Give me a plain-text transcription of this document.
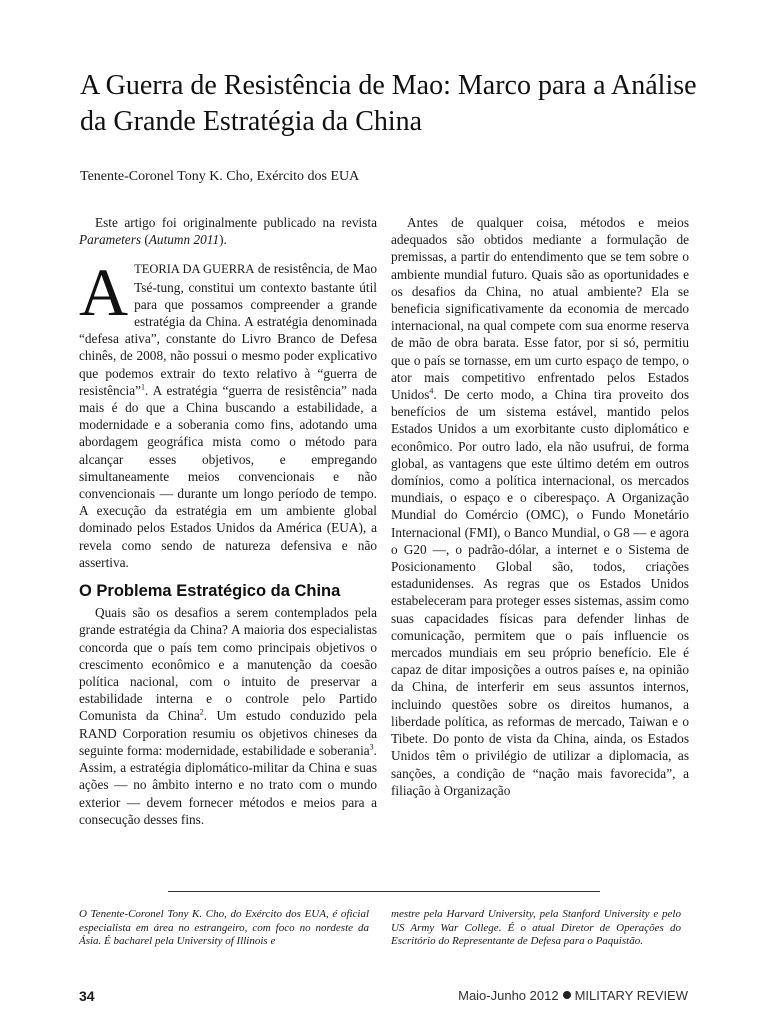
A Guerra de Resistência de Mao: Marco para a Análise da Grande Estratégia da China

Tenente-Coronel Tony K. Cho, Exército dos EUA

Este artigo foi originalmente publicado na revista Parameters (Autumn 2011).

ATEORIA DA GUERRA de resistência, de Mao Tsé-tung, constitui um contexto bastante útil para que possamos compreender a grande estratégia da China. A estratégia denominada “defesa ativa”, constante do Livro Branco de Defesa chinês, de 2008, não possui o mesmo poder explicativo que podemos extrair do texto relativo à “guerra de resistência”$^1$. A estratégia “guerra de resistência” nada mais é do que a China buscando a estabilidade, a modernidade e a soberania como fins, adotando uma abordagem geográfica mista como o método para alcançar esses objetivos, e empregando simultaneamente meios convencionais e não convencionais — durante um longo período de tempo. A execução da estratégia em um ambiente global dominado pelos Estados Unidos da América (EUA), a revela como sendo de natureza defensiva e não assertiva.

O Problema Estratégico da China

Quais são os desafios a serem contemplados pela grande estratégia da China? A maioria dos especialistas concorda que o país tem como principais objetivos o crescimento econômico e a manutenção da coesão política nacional, com o intuito de preservar a estabilidade interna e o controle pelo Partido Comunista da China$^2$. Um estudo conduzido pela RAND Corporation resumiu os objetivos chineses da seguinte forma: modernidade, estabilidade e soberania$^3$. Assim, a estratégia diplomático-militar da China e suas ações — no âmbito interno e no trato com o mundo exterior — devem fornecer métodos e meios para a consecução desses fins.

Antes de qualquer coisa, métodos e meios adequados são obtidos mediante a formulação de premissas, a partir do entendimento que se tem sobre o ambiente mundial futuro. Quais são as oportunidades e os desafios da China, no atual ambiente? Ela se beneficia significativamente da economia de mercado internacional, na qual compete com sua enorme reserva de mão de obra barata. Esse fator, por si só, permitiu que o país se tornasse, em um curto espaço de tempo, o ator mais competitivo enfrentado pelos Estados Unidos$^4$. De certo modo, a China tira proveito dos benefícios de um sistema estável, mantido pelos Estados Unidos a um exorbitante custo diplomático e econômico. Por outro lado, ela não usufrui, de forma global, as vantagens que este último detém em outros domínios, como a política internacional, os mercados mundiais, o espaço e o ciberespaço. A Organização Mundial do Comércio (OMC), o Fundo Monetário Internacional (FMI), o Banco Mundial, o G8 — e agora o G20 —, o padrão-dólar, a internet e o Sistema de Posicionamento Global são, todos, criações estadunidenses. As regras que os Estados Unidos estabeleceram para proteger esses sistemas, assim como suas capacidades físicas para defender linhas de comunicação, permitem que o país influencie os mercados mundiais em seu próprio benefício. Ele é capaz de ditar imposições a outros países e, na opinião da China, de interferir em seus assuntos internos, incluindo questões sobre os direitos humanos, a liberdade política, as reformas de mercado, Taiwan e o Tibete. Do ponto de vista da China, ainda, os Estados Unidos têm o privilégio de utilizar a diplomacia, as sanções, a condição de “nação mais favorecida”, a filiação à Organização

O Tenente-Coronel Tony K. Cho, do Exército dos EUA, é oficial especialista em área no estrangeiro, com foco no nordeste da Ásia. É bacharel pela University of Illinois e
mestre pela Harvard University, pela Stanford University e pelo US Army War College. É o atual Diretor de Operações do Escritório do Representante de Defesa para o Paquistão.
34	Maio-Junho 2012 MILITARY REVIEW
